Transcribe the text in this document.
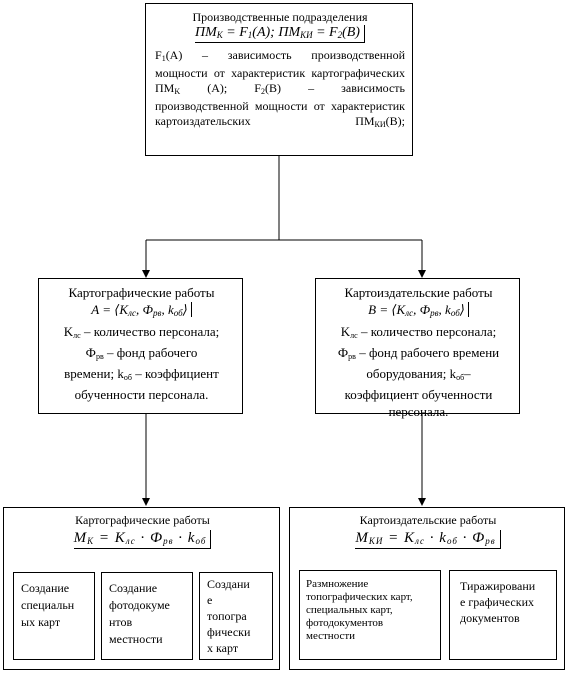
Производственные подразделения
$ПМ_К = F_1(A)$; $ПМ_{КИ} = F_2(B)$
F1(A) – зависимость производственной мощности от характеристик картографических ПМK (A); F2(B) – зависимость производственной мощности от характеристик картоиздательских ПМКИ(B);
Картографические работы
$A = ⟨K_{лс}$, $Ф_{рв}$, $k_{об}⟩$
Kлс – количество персонала;
Фрв – фонд рабочего
времени; kоб – коэффициент
обученности персонала.
Картоиздательские работы
$B = ⟨K_{лс}$, $Ф_{рв}$, $k_{об}⟩$
Kлс – количество персонала;
Фрв – фонд рабочего времени
оборудования; kоб–
коэффициент обученности
персонала.
Картографические работы
$M_К = K_{лс} \cdot Ф_{рв} \cdot k_{об}$
Создание
специальн
ых карт
Создание
фотодокуме
нтов
местности
Создани
е
топогра
фически
х карт
Картоиздательские работы
$M_{КИ} = K_{лс} \cdot k_{об} \cdot Ф_{рв}$
Размножение
топографических карт,
специальных карт,
фотодокументов
местности
Тиражировани
е графических
документов
